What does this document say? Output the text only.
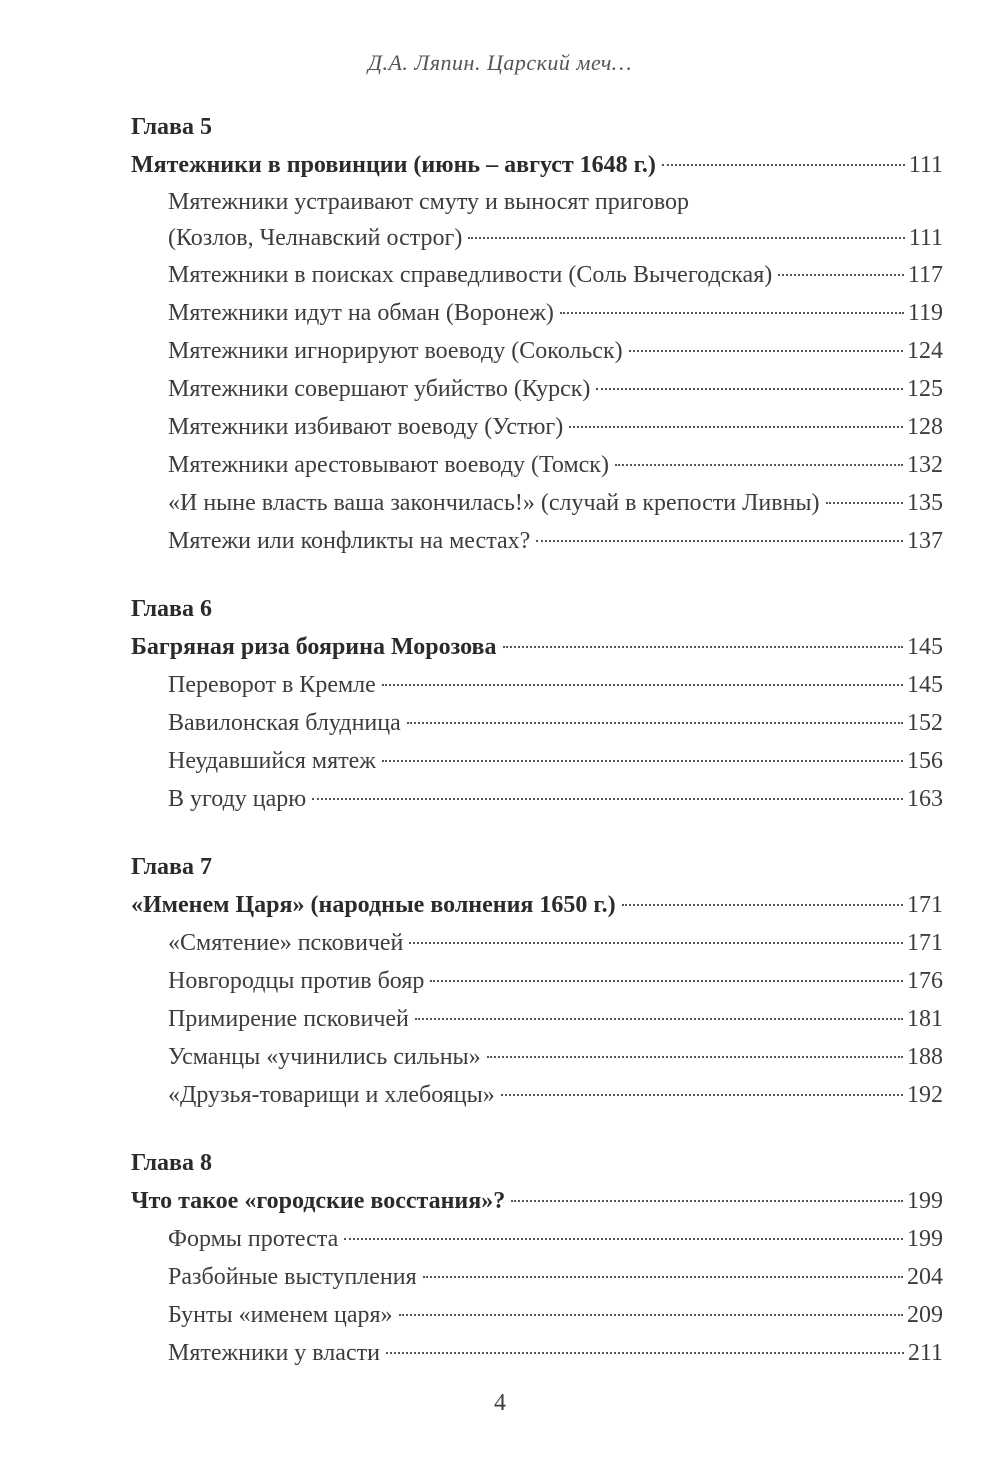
Д.А. Ляпин. Царский меч…
Глава 5
Мятежники в провинции (июнь – август 1648 г.)	111
Мятежники устраивают смуту и выносят приговор
(Козлов, Челнавский острог)	111
Мятежники в поисках справедливости (Соль Вычегодская)	117
Мятежники идут на обман (Воронеж)	119
Мятежники игнорируют воеводу (Сокольск)	124
Мятежники совершают убийство (Курск)	125
Мятежники избивают воеводу (Устюг)	128
Мятежники арестовывают воеводу (Томск)	132
«И ныне власть ваша закончилась!» (случай в крепости Ливны)	135
Мятежи или конфликты на местах?	137
Глава 6
Багряная риза боярина Морозова	145
Переворот в Кремле	145
Вавилонская блудница	152
Неудавшийся мятеж	156
В угоду царю	163
Глава 7
«Именем Царя» (народные волнения 1650 г.)	171
«Смятение» псковичей	171
Новгородцы против бояр	176
Примирение псковичей	181
Усманцы «учинились сильны»	188
«Друзья-товарищи и хлебояцы»	192
Глава 8
Что такое «городские восстания»?	199
Формы протеста	199
Разбойные выступления	204
Бунты «именем царя»	209
Мятежники у власти	211
4
